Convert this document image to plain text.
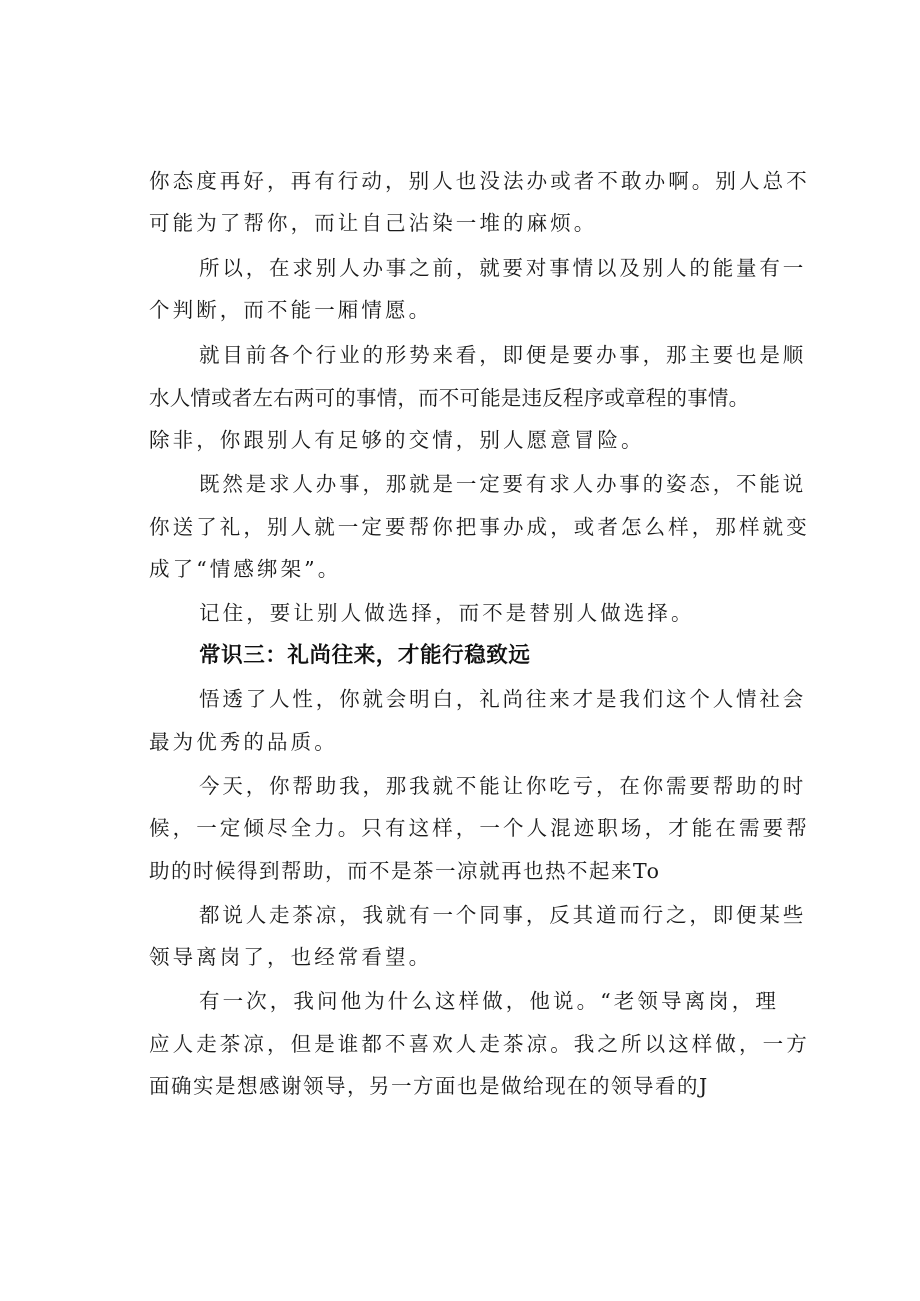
你态度再好，再有行动，别人也没法办或者不敢办啊。别人总不
可能为了帮你，而让自己沾染一堆的麻烦。
所以，在求别人办事之前，就要对事情以及别人的能量有一
个判断，而不能一厢情愿。
就目前各个行业的形势来看，即便是要办事，那主要也是顺
水人情或者左右两可的事情，而不可能是违反程序或章程的事情。
除非，你跟别人有足够的交情，别人愿意冒险。
既然是求人办事，那就是一定要有求人办事的姿态，不能说
你送了礼，别人就一定要帮你把事办成，或者怎么样，那样就变
成了“情感绑架”。
记住，要让别人做选择，而不是替别人做选择。
常识三：礼尚往来，才能行稳致远
悟透了人性，你就会明白，礼尚往来才是我们这个人情社会
最为优秀的品质。
今天，你帮助我，那我就不能让你吃亏，在你需要帮助的时
候，一定倾尽全力。只有这样，一个人混迹职场，才能在需要帮
助的时候得到帮助，而不是茶一凉就再也热不起来To
都说人走茶凉，我就有一个同事，反其道而行之，即便某些
领导离岗了，也经常看望。
有一次，我问他为什么这样做，他说。“老领导离岗，理
应人走茶凉，但是谁都不喜欢人走茶凉。我之所以这样做，一方
面确实是想感谢领导，另一方面也是做给现在的领导看的J
